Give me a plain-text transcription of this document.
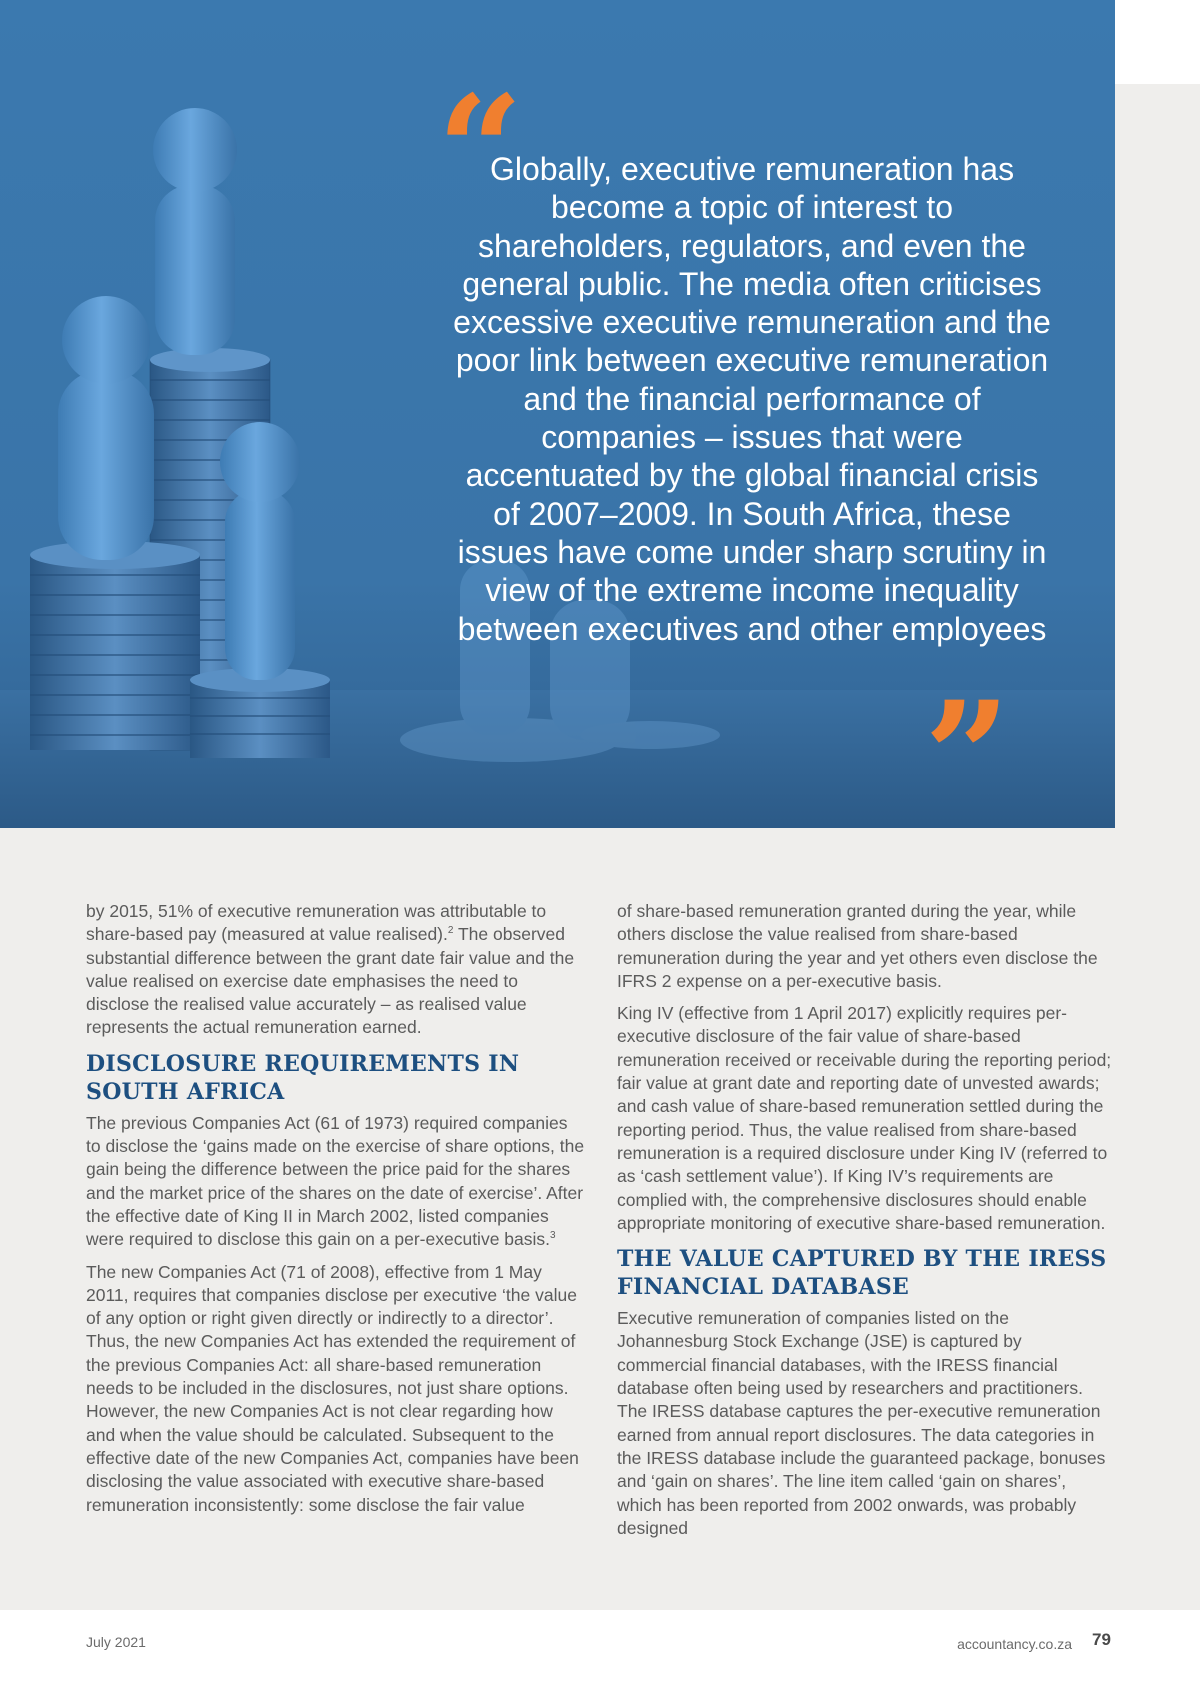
“

Globally, executive remuneration has become a topic of interest to shareholders, regulators, and even the general public. The media often criticises excessive executive remuneration and the poor link between executive remuneration and the financial performance of companies – issues that were accentuated by the global financial crisis of 2007–2009. In South Africa, these issues have come under sharp scrutiny in view of the extreme income inequality between executives and other employees

”

by 2015, 51% of executive remuneration was attributable to share-based pay (measured at value realised).$^2$ The observed substantial difference between the grant date fair value and the value realised on exercise date emphasises the need to disclose the realised value accurately – as realised value represents the actual remuneration earned.

DISCLOSURE REQUIREMENTS IN SOUTH AFRICA

The previous Companies Act (61 of 1973) required companies to disclose the ‘gains made on the exercise of share options, the gain being the difference between the price paid for the shares and the market price of the shares on the date of exercise’. After the effective date of King II in March 2002, listed companies were required to disclose this gain on a per-executive basis.$^3$

The new Companies Act (71 of 2008), effective from 1 May 2011, requires that companies disclose per executive ‘the value of any option or right given directly or indirectly to a director’. Thus, the new Companies Act has extended the requirement of the previous Companies Act: all share-based remuneration needs to be included in the disclosures, not just share options. However, the new Companies Act is not clear regarding how and when the value should be calculated. Subsequent to the effective date of the new Companies Act, companies have been disclosing the value associated with executive share-based remuneration inconsistently: some disclose the fair value

of share-based remuneration granted during the year, while others disclose the value realised from share-based remuneration during the year and yet others even disclose the IFRS 2 expense on a per-executive basis.

King IV (effective from 1 April 2017) explicitly requires per-executive disclosure of the fair value of share-based remuneration received or receivable during the reporting period; fair value at grant date and reporting date of unvested awards; and cash value of share-based remuneration settled during the reporting period. Thus, the value realised from share-based remuneration is a required disclosure under King IV (referred to as ‘cash settlement value’). If King IV’s requirements are complied with, the comprehensive disclosures should enable appropriate monitoring of executive share-based remuneration.

THE VALUE CAPTURED BY THE IRESS FINANCIAL DATABASE

Executive remuneration of companies listed on the Johannesburg Stock Exchange (JSE) is captured by commercial financial databases, with the IRESS financial database often being used by researchers and practitioners. The IRESS database captures the per-executive remuneration earned from annual report disclosures. The data categories in the IRESS database include the guaranteed package, bonuses and ‘gain on shares’. The line item called ‘gain on shares’, which has been reported from 2002 onwards, was probably designed

July 2021	accountancy.co.za 79
